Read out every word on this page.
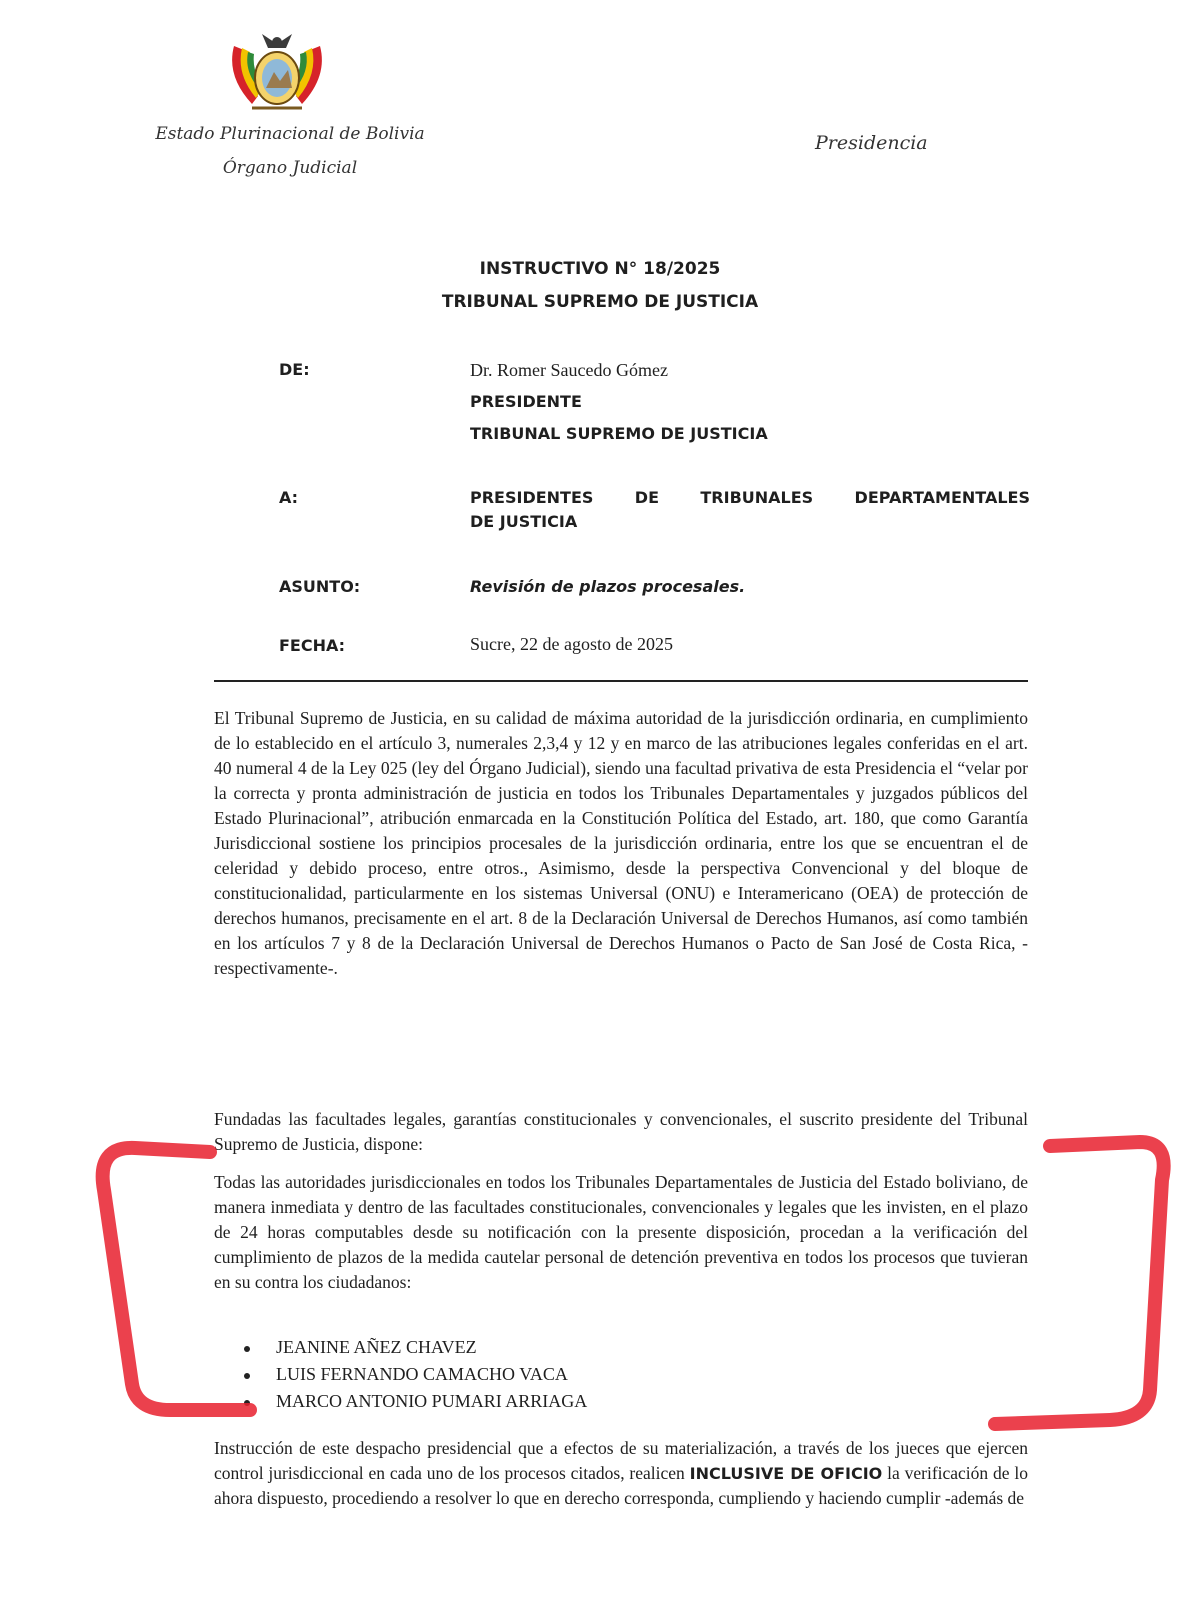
Estado Plurinacional de Bolivia
Órgano Judicial
Presidencia
INSTRUCTIVO N° 18/2025
TRIBUNAL SUPREMO DE JUSTICIA
DE:	Dr. Romer Saucedo Gómez
PRESIDENTE
TRIBUNAL SUPREMO DE JUSTICIA
A:	PRESIDENTES DE TRIBUNALES DEPARTAMENTALES
DE JUSTICIA
ASUNTO:	Revisión de plazos procesales.
FECHA:	Sucre, 22 de agosto de 2025

El Tribunal Supremo de Justicia, en su calidad de máxima autoridad de la jurisdicción ordinaria, en cumplimiento de lo establecido en el artículo 3, numerales 2,3,4 y 12 y en marco de las atribuciones legales conferidas en el art. 40 numeral 4 de la Ley 025 (ley del Órgano Judicial), siendo una facultad privativa de esta Presidencia el “velar por la correcta y pronta administración de justicia en todos los Tribunales Departamentales y juzgados públicos del Estado Plurinacional”, atribución enmarcada en la Constitución Política del Estado, art. 180, que como Garantía Jurisdiccional sostiene los principios procesales de la jurisdicción ordinaria, entre los que se encuentran el de celeridad y debido proceso, entre otros., Asimismo, desde la perspectiva Convencional y del bloque de constitucionalidad, particularmente en los sistemas Universal (ONU) e Interamericano (OEA) de protección de derechos humanos, precisamente en el art. 8 de la Declaración Universal de Derechos Humanos, así como también en los artículos 7 y 8 de la Declaración Universal de Derechos Humanos o Pacto de San José de Costa Rica, -respectivamente-.

Fundadas las facultades legales, garantías constitucionales y convencionales, el suscrito presidente del Tribunal Supremo de Justicia, dispone:

Todas las autoridades jurisdiccionales en todos los Tribunales Departamentales de Justicia del Estado boliviano, de manera inmediata y dentro de las facultades constitucionales, convencionales y legales que les invisten, en el plazo de 24 horas computables desde su notificación con la presente disposición, procedan a la verificación del cumplimiento de plazos de la medida cautelar personal de detención preventiva en todos los procesos que tuvieran en su contra los ciudadanos:

JEANINE AÑEZ CHAVEZ
LUIS FERNANDO CAMACHO VACA
MARCO ANTONIO PUMARI ARRIAGA

Instrucción de este despacho presidencial que a efectos de su materialización, a través de los jueces que ejercen control jurisdiccional en cada uno de los procesos citados, realicen INCLUSIVE DE OFICIO la verificación de lo ahora dispuesto, procediendo a resolver lo que en derecho corresponda, cumpliendo y haciendo cumplir -además de
